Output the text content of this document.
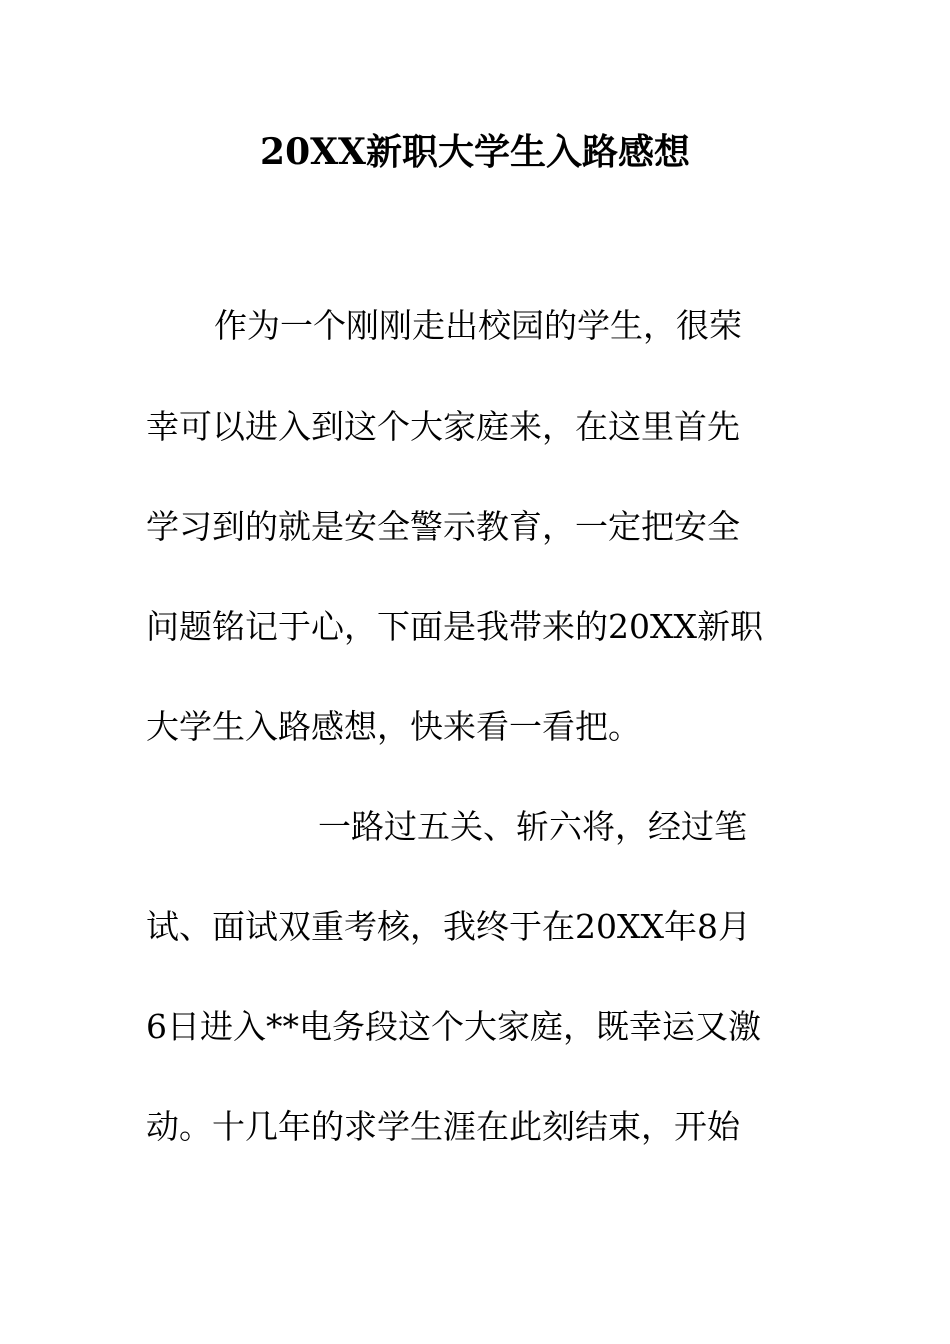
20XX新职大学生入路感想
作为一个刚刚走出校园的学生，很荣
幸可以进入到这个大家庭来，在这里首先
学习到的就是安全警示教育，一定把安全
问题铭记于心，下面是我带来的20XX新职
大学生入路感想，快来看一看把。
一路过五关、斩六将，经过笔
试、面试双重考核，我终于在20XX年8月
6日进入**电务段这个大家庭，既幸运又激
动。十几年的求学生涯在此刻结束，开始
